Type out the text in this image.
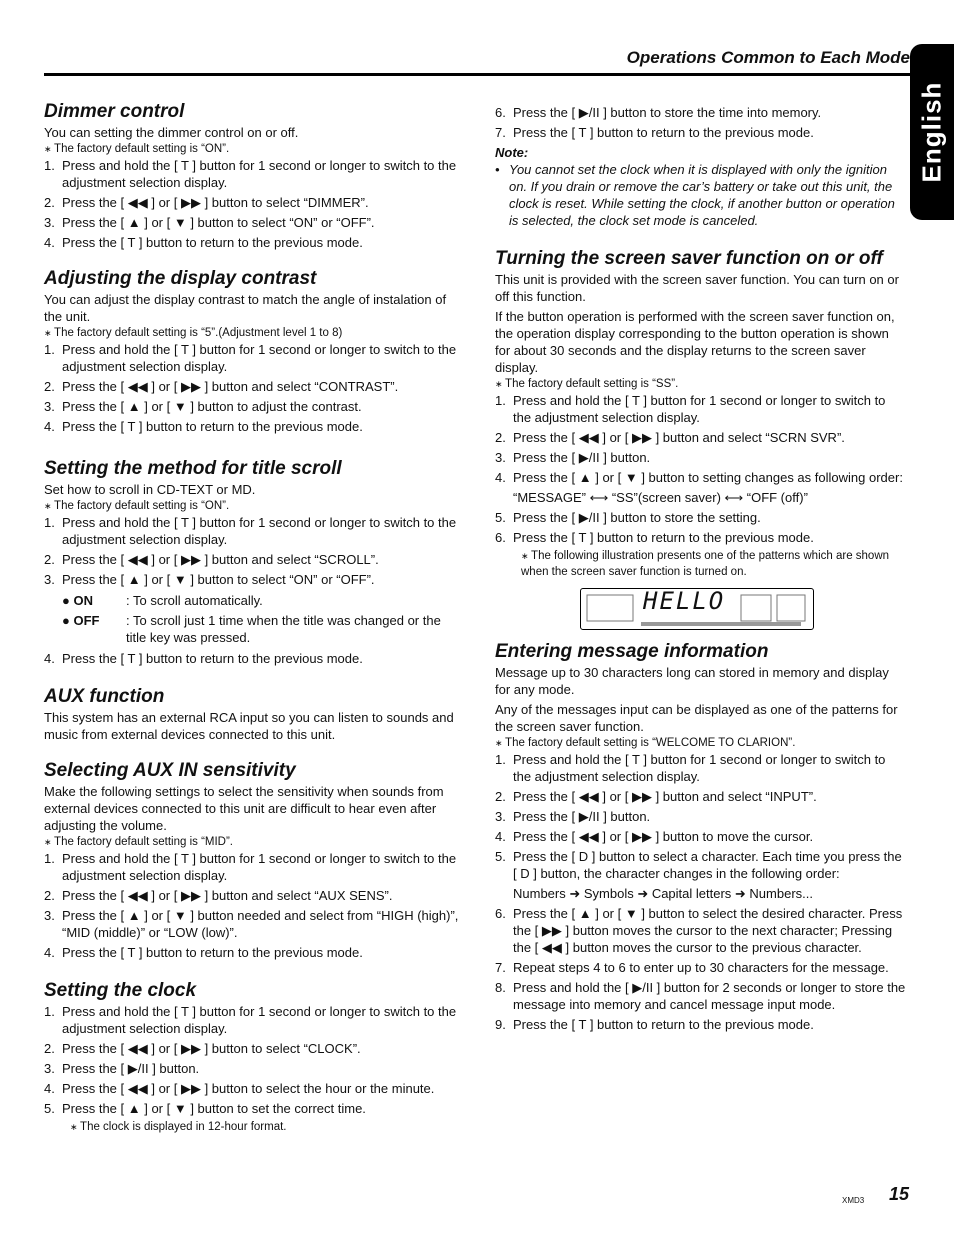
Operations Common to Each Mode
English
Dimmer control

You can setting the dimmer control on or off.

∗ The factory default setting is “ON”.

1. Press and hold the [ T ] button for 1 second or longer to switch to the adjustment selection display.
2. Press the [ ◀◀ ] or [ ▶▶ ] button to select “DIMMER”.
3. Press the [ ▲ ] or [ ▼ ] button to select “ON” or “OFF”.
4. Press the [ T ] button to return to the previous mode.
Adjusting the display contrast

You can adjust the display contrast to match the angle of instalation of the unit.

∗ The factory default setting is “5”.(Adjustment level 1 to 8)

1. Press and hold the [ T ] button for 1 second or longer to switch to the adjustment selection display.
2. Press the [ ◀◀ ] or [ ▶▶ ] button and select “CONTRAST”.
3. Press the [ ▲ ] or [ ▼ ] button to adjust the contrast.
4. Press the [ T ] button to return to the previous mode.
Setting the method for title scroll

Set how to scroll in CD-TEXT or MD.

∗ The factory default setting is “ON”.

1. Press and hold the [ T ] button for 1 second or longer to switch to the adjustment selection display.
2. Press the [ ◀◀ ] or [ ▶▶ ] button and select “SCROLL”.
3. Press the [ ▲ ] or [ ▼ ] button to select “ON” or “OFF”.
● ON	: To scroll automatically.
● OFF	: To scroll just 1 time when the title was changed or the title key was pressed.
4. Press the [ T ] button to return to the previous mode.
AUX function

This system has an external RCA input so you can listen to sounds and music from external devices connected to this unit.

Selecting AUX IN sensitivity

Make the following settings to select the sensitivity when sounds from external devices connected to this unit are difficult to hear even after adjusting the volume.

∗ The factory default setting is “MID”.

1. Press and hold the [ T ] button for 1 second or longer to switch to the adjustment selection display.
2. Press the [ ◀◀ ] or [ ▶▶ ] button and select “AUX SENS”.
3. Press the [ ▲ ] or [ ▼ ] button needed and select from “HIGH (high)”, “MID (middle)” or “LOW (low)”.
4. Press the [ T ] button to return to the previous mode.
Setting the clock
1. Press and hold the [ T ] button for 1 second or longer to switch to the adjustment selection display.
2. Press the [ ◀◀ ] or [ ▶▶ ] button to select “CLOCK”.
3. Press the [ ▶/II ] button.
4. Press the [ ◀◀ ] or [ ▶▶ ] button to select the hour or the minute.
5. Press the [ ▲ ] or [ ▼ ] button to set the correct time.
∗ The clock is displayed in 12-hour format.
6. Press the [ ▶/II ] button to store the time into memory.
7. Press the [ T ] button to return to the previous mode.
Note:
• You cannot set the clock when it is displayed with only the ignition on. If you drain or remove the car’s battery or take out this unit, the clock is reset. While setting the clock, if another button or operation is selected, the clock set mode is canceled.
Turning the screen saver function on or off

This unit is provided with the screen saver function. You can turn on or off this function.

If the button operation is performed with the screen saver function on, the operation display corresponding to the button operation is shown for about 30 seconds and the display returns to the screen saver display.

∗ The factory default setting is “SS”.

1. Press and hold the [ T ] button for 1 second or longer to switch to the adjustment selection display.
2. Press the [ ◀◀ ] or [ ▶▶ ] button and select “SCRN SVR”.
3. Press the [ ▶/II ] button.
4. Press the [ ▲ ] or [ ▼ ] button to setting changes as following order:
“MESSAGE” ⟷ “SS”(screen saver) ⟷ “OFF (off)”
5. Press the [ ▶/II ] button to store the setting.
6. Press the [ T ] button to return to the previous mode.
∗ The following illustration presents one of the patterns which are shown when the screen saver function is turned on.
HELLO
Entering message information

Message up to 30 characters long can stored in memory and display for any mode.

Any of the messages input can be displayed as one of the patterns for the screen saver function.

∗ The factory default setting is “WELCOME TO CLARION”.

1. Press and hold the [ T ] button for 1 second or longer to switch to the adjustment selection display.
2. Press the [ ◀◀ ] or [ ▶▶ ] button and select “INPUT”.
3. Press the [ ▶/II ] button.
4. Press the [ ◀◀ ] or [ ▶▶ ] button to move the cursor.
5. Press the [ D ] button to select a character. Each time you press the [ D ] button, the character changes in the following order:
Numbers ➜ Symbols ➜ Capital letters ➜ Numbers...
6. Press the [ ▲ ] or [ ▼ ] button to select the desired character. Press the [ ▶▶ ] button moves the cursor to the next character; Pressing the [ ◀◀ ] button moves the cursor to the previous character.
7. Repeat steps 4 to 6 to enter up to 30 characters for the message.
8. Press and hold the [ ▶/II ] button for 2 seconds or longer to store the message into memory and cancel message input mode.
9. Press the [ T ] button to return to the previous mode.
XMD3 15
